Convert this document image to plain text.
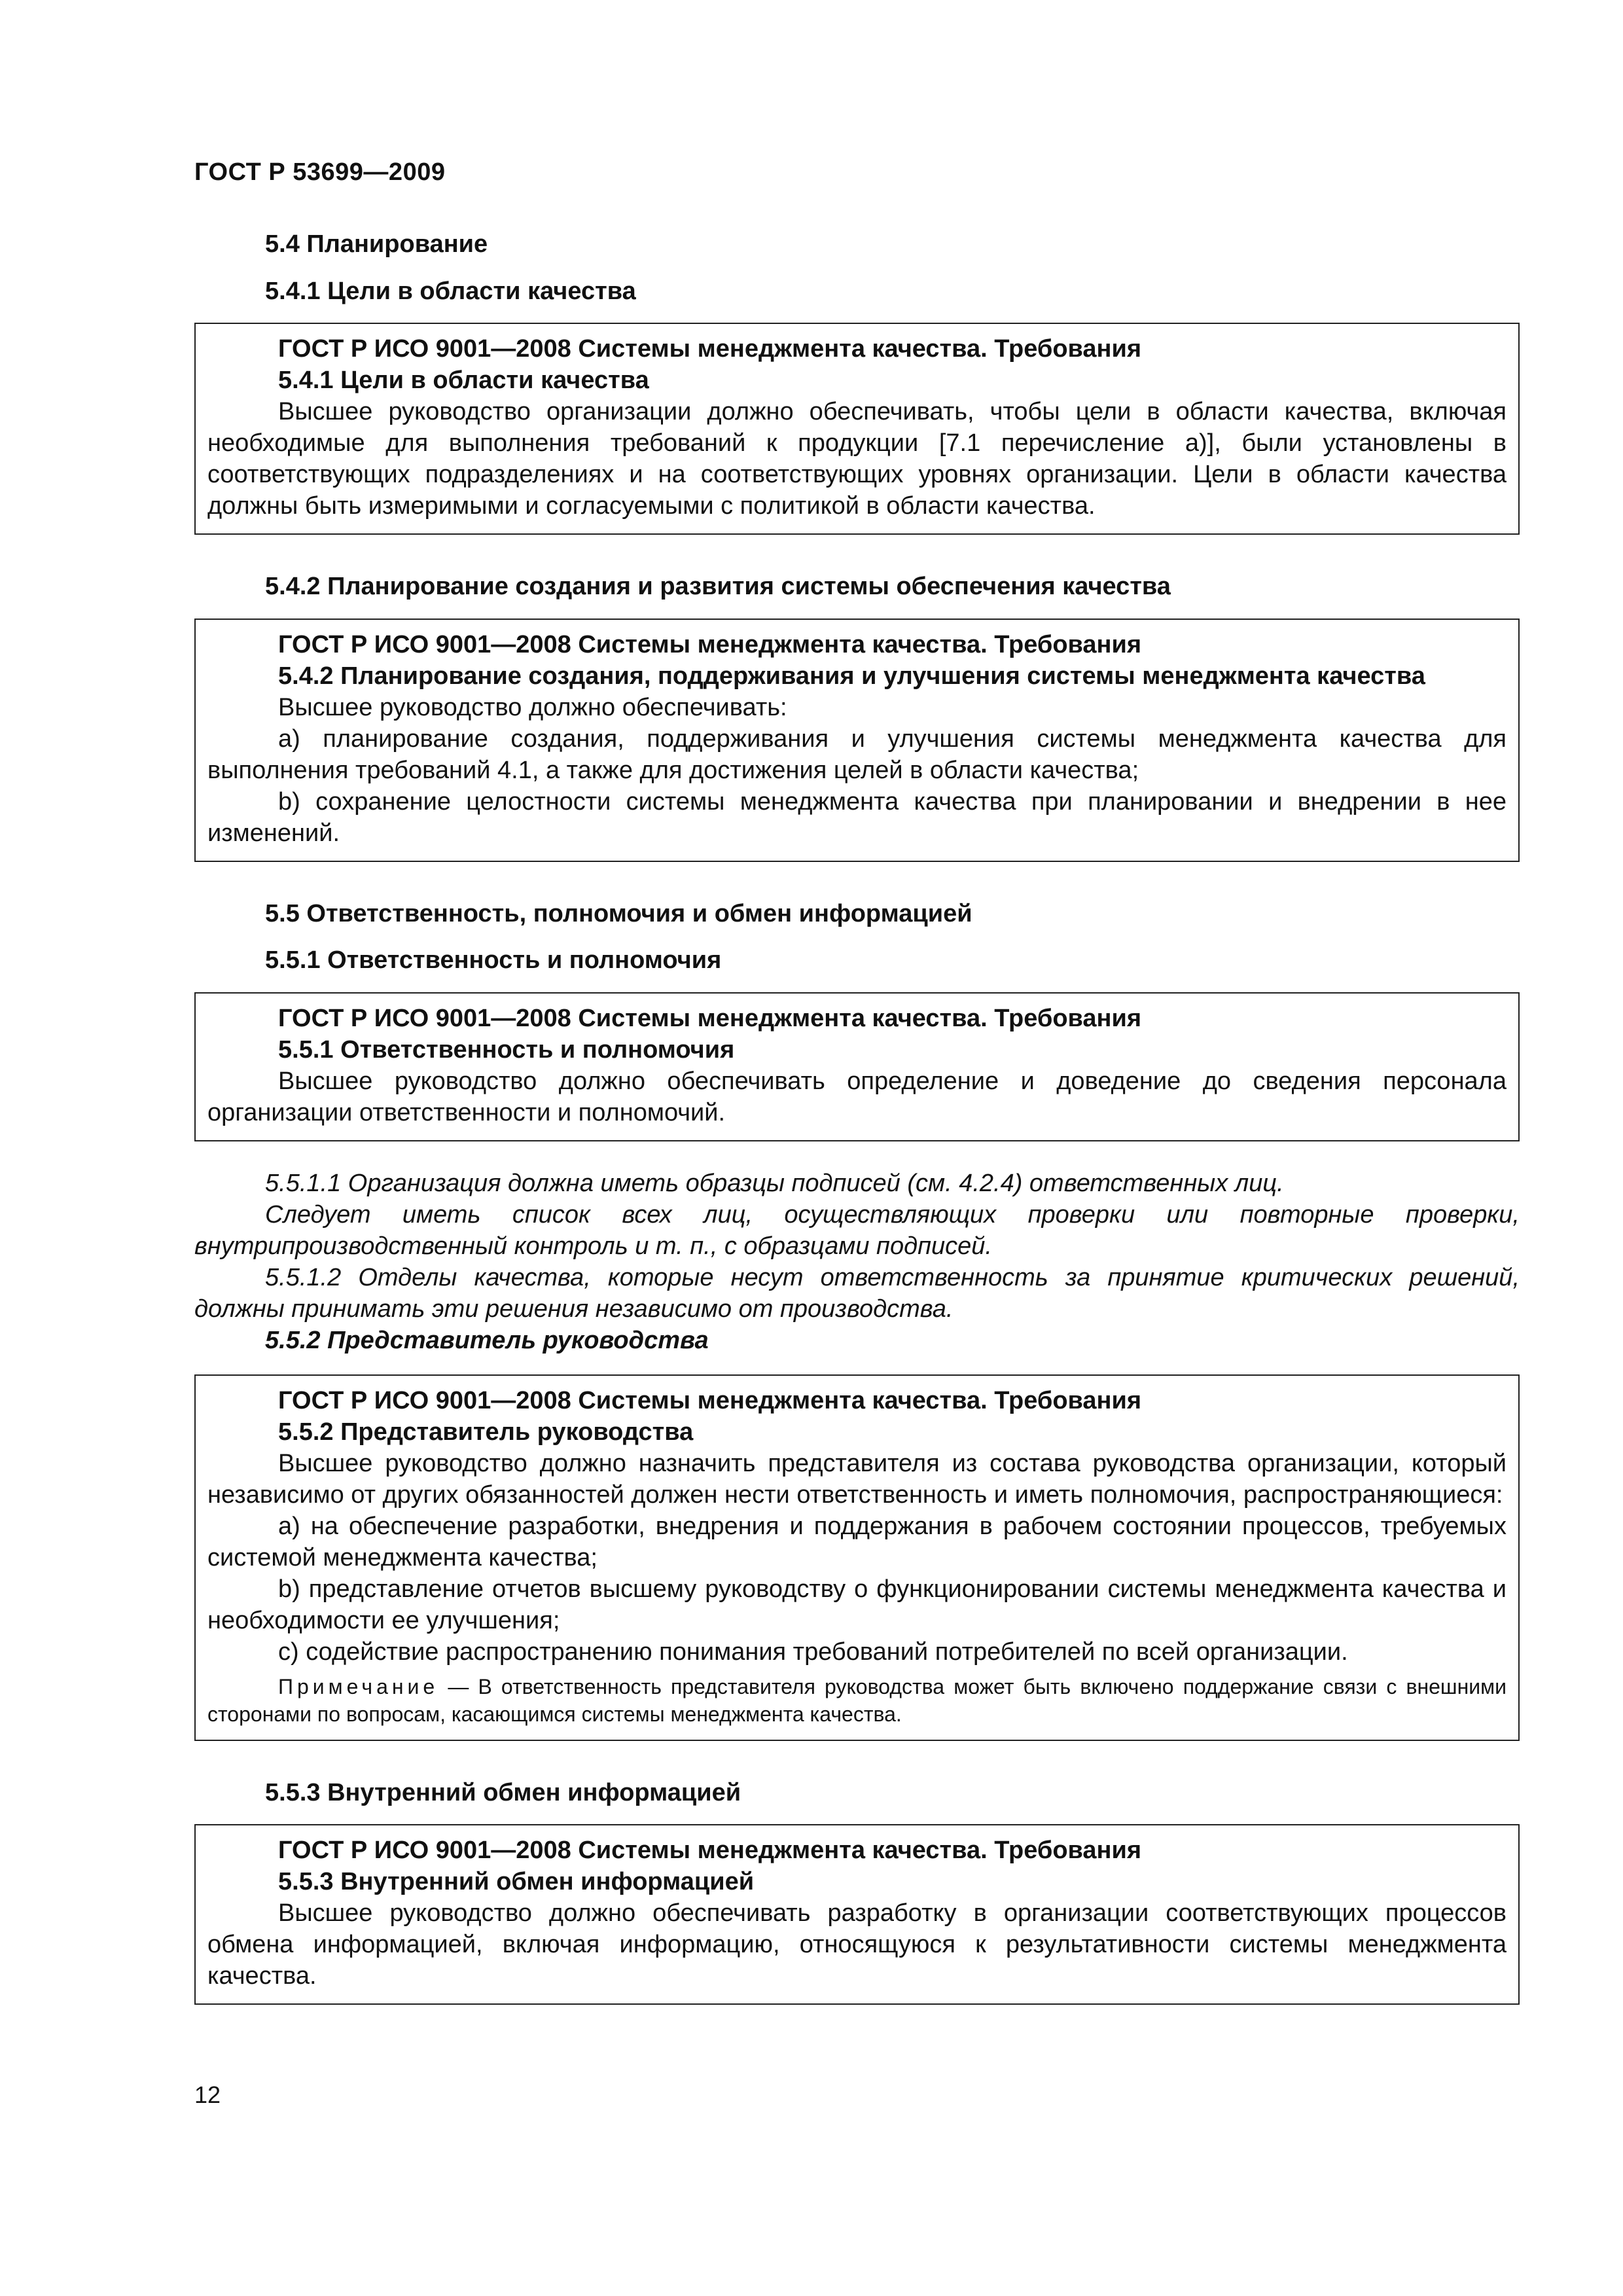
ГОСТ Р 53699—2009
5.4 Планирование
5.4.1 Цели в области качества
ГОСТ Р ИСО 9001—2008 Системы менеджмента качества. Требования
5.4.1 Цели в области качества
Высшее руководство организации должно обеспечивать, чтобы цели в области качества, включая необходимые для выполнения требований к продукции [7.1 перечисление а)], были установлены в соответствующих подразделениях и на соответствующих уровнях организации. Цели в области качества должны быть измеримыми и согласуемыми с политикой в области качества.
5.4.2 Планирование создания и развития системы обеспечения качества
ГОСТ Р ИСО 9001—2008 Системы менеджмента качества. Требования
5.4.2 Планирование создания, поддерживания и улучшения системы менеджмента качества
Высшее руководство должно обеспечивать:
a) планирование создания, поддерживания и улучшения системы менеджмента качества для выполнения требований 4.1, а также для достижения целей в области качества;
b) сохранение целостности системы менеджмента качества при планировании и внедрении в нее изменений.
5.5 Ответственность, полномочия и обмен информацией
5.5.1 Ответственность и полномочия
ГОСТ Р ИСО 9001—2008 Системы менеджмента качества. Требования
5.5.1 Ответственность и полномочия
Высшее руководство должно обеспечивать определение и доведение до сведения персонала организации ответственности и полномочий.
5.5.1.1 Организация должна иметь образцы подписей (см. 4.2.4) ответственных лиц.
Следует иметь список всех лиц, осуществляющих проверки или повторные проверки, внутрипроизводственный контроль и т. п., с образцами подписей.
5.5.1.2 Отделы качества, которые несут ответственность за принятие критических решений, должны принимать эти решения независимо от производства.
5.5.2 Представитель руководства
ГОСТ Р ИСО 9001—2008 Системы менеджмента качества. Требования
5.5.2 Представитель руководства
Высшее руководство должно назначить представителя из состава руководства организации, который независимо от других обязанностей должен нести ответственность и иметь полномочия, распространяющиеся:
a) на обеспечение разработки, внедрения и поддержания в рабочем состоянии процессов, требуемых системой менеджмента качества;
b) представление отчетов высшему руководству о функционировании системы менеджмента качества и необходимости ее улучшения;
c) содействие распространению понимания требований потребителей по всей организации.
Примечание — В ответственность представителя руководства может быть включено поддержание связи с внешними сторонами по вопросам, касающимся системы менеджмента качества.
5.5.3 Внутренний обмен информацией
ГОСТ Р ИСО 9001—2008 Системы менеджмента качества. Требования
5.5.3 Внутренний обмен информацией
Высшее руководство должно обеспечивать разработку в организации соответствующих процессов обмена информацией, включая информацию, относящуюся к результативности системы менеджмента качества.
12
